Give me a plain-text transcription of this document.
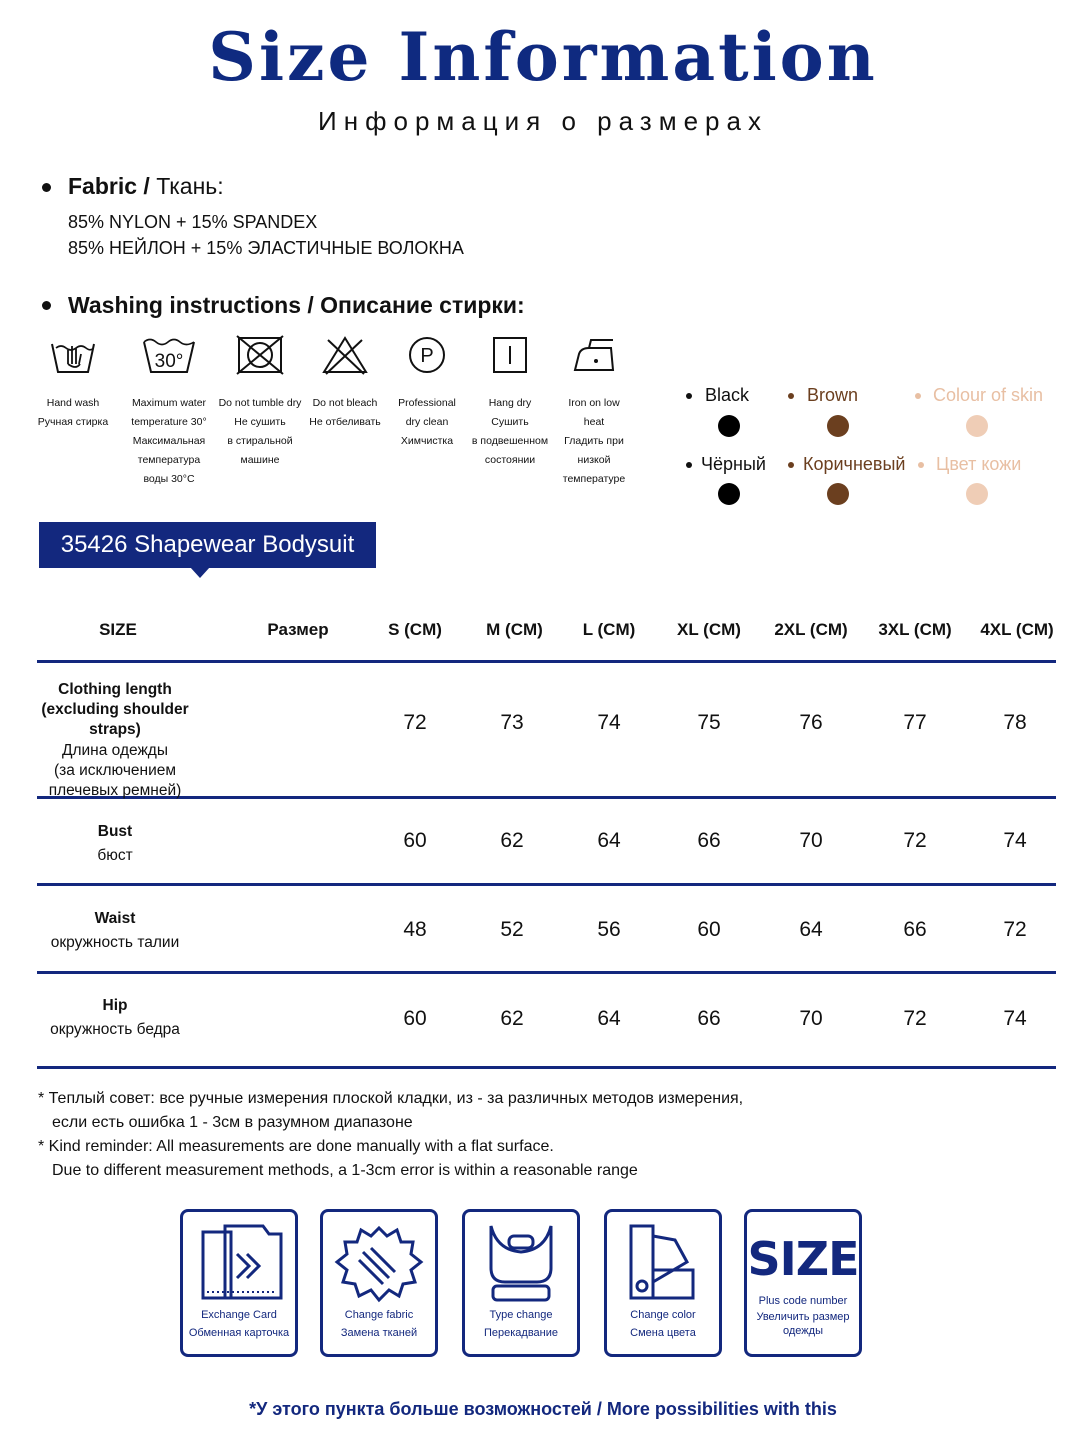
Size Information
Информация о размерах
Fabric / Ткань:
85% NYLON + 15% SPANDEX
85% НЕЙЛОН + 15% ЭЛАСТИЧНЫЕ ВОЛОКНА
Washing instructions / Описание стирки:
Hand wash
Ручная стирка
30°
Maximum water
temperature 30°
Максимальная
температура
воды 30°C
Do not tumble dry
Не сушить
в стиральной
машине
Do not bleach
Не отбеливать
P
Professional
dry clean
Химчистка
Hang dry
Сушить
в подвешенном
состоянии
Iron on low
heat
Гладить при
низкой
температуре
Black
Чёрный
Brown
Коричневый
Colour of skin
Цвет кожи
35426 Shapewear Bodysuit
SIZE	Размер	S (CM)	M (CM)	L (CM)	XL (CM)	2XL (CM)	3XL (CM)	4XL (CM)
Clothing length
(excluding shoulder straps)
Длина одежды
(за исключением
плечевых ремней)
72	73	74	75	76	77	78
Bust
бюст
60	62	64	66	70	72	74
Waist
окружность талии
48	52	56	60	64	66	72
Hip
окружность бедра	60	62	64	66	70	72	74
* Теплый совет: все ручные измерения плоской кладки, из - за различных методов измерения,
если есть ошибка 1 - 3см в разумном диапазоне
* Kind reminder: All measurements are done manually with a flat surface.
Due to different measurement methods, a 1-3cm error is within a reasonable range
Exchange Card
Обменная карточка
Change fabric
Замена тканей
Type change
Перекадвание
Change color
Смена цвета
SIZE
Plus code number
Увеличить размер
одежды
*У этого пункта больше возможностей / More possibilities with this
